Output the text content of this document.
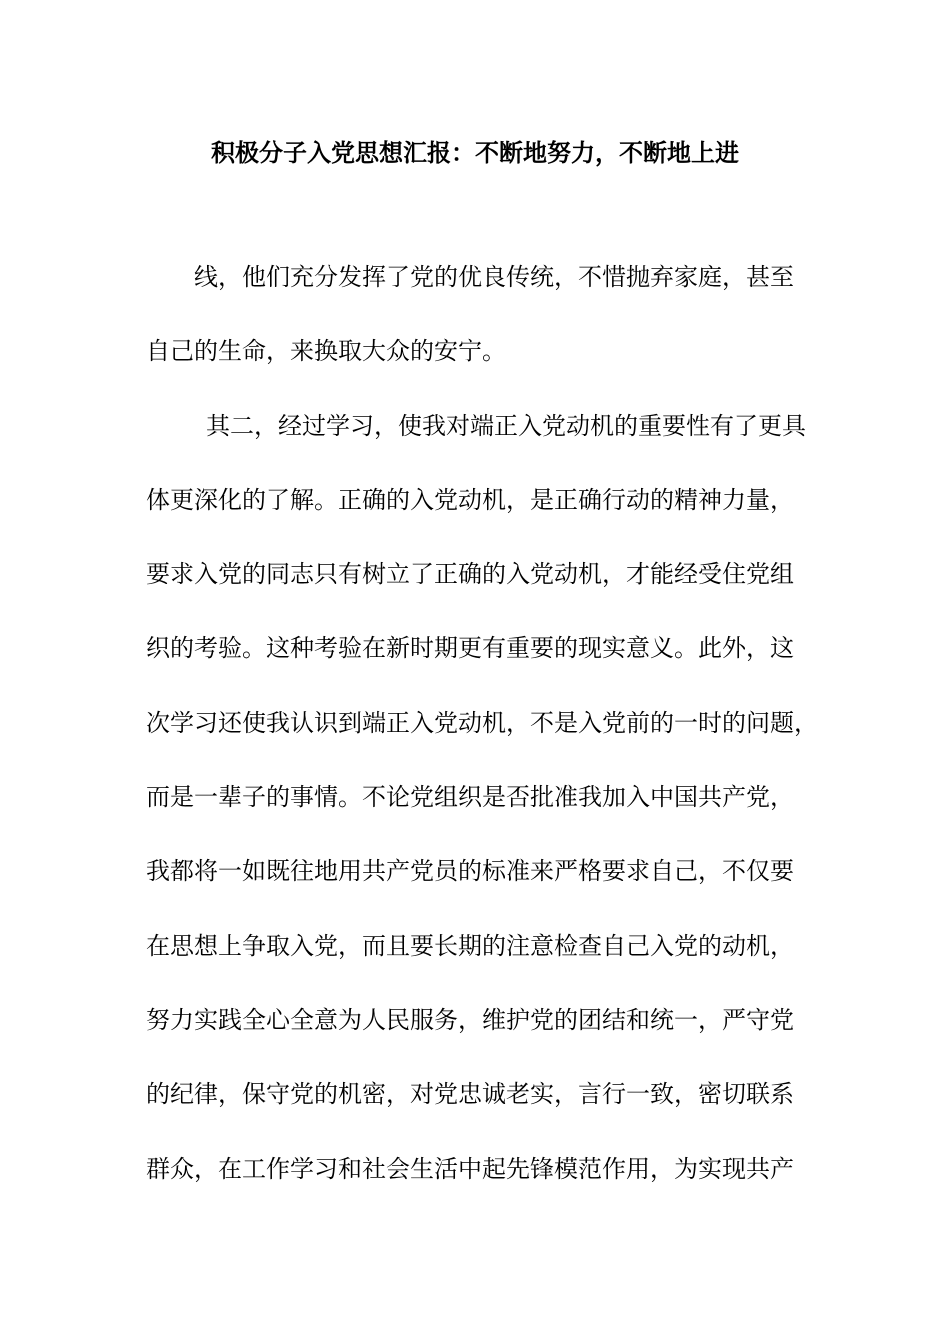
积极分子入党思想汇报：不断地努力，不断地上进
线，他们充分发挥了党的优良传统，不惜抛弃家庭，甚至
自己的生命，来换取大众的安宁。
其二，经过学习，使我对端正入党动机的重要性有了更具
体更深化的了解。正确的入党动机，是正确行动的精神力量，
要求入党的同志只有树立了正确的入党动机，才能经受住党组
织的考验。这种考验在新时期更有重要的现实意义。此外，这
次学习还使我认识到端正入党动机，不是入党前的一时的问题，
而是一辈子的事情。不论党组织是否批准我加入中国共产党，
我都将一如既往地用共产党员的标准来严格要求自己，不仅要
在思想上争取入党，而且要长期的注意检查自己入党的动机，
努力实践全心全意为人民服务，维护党的团结和统一，严守党
的纪律，保守党的机密，对党忠诚老实，言行一致，密切联系
群众，在工作学习和社会生活中起先锋模范作用，为实现共产
